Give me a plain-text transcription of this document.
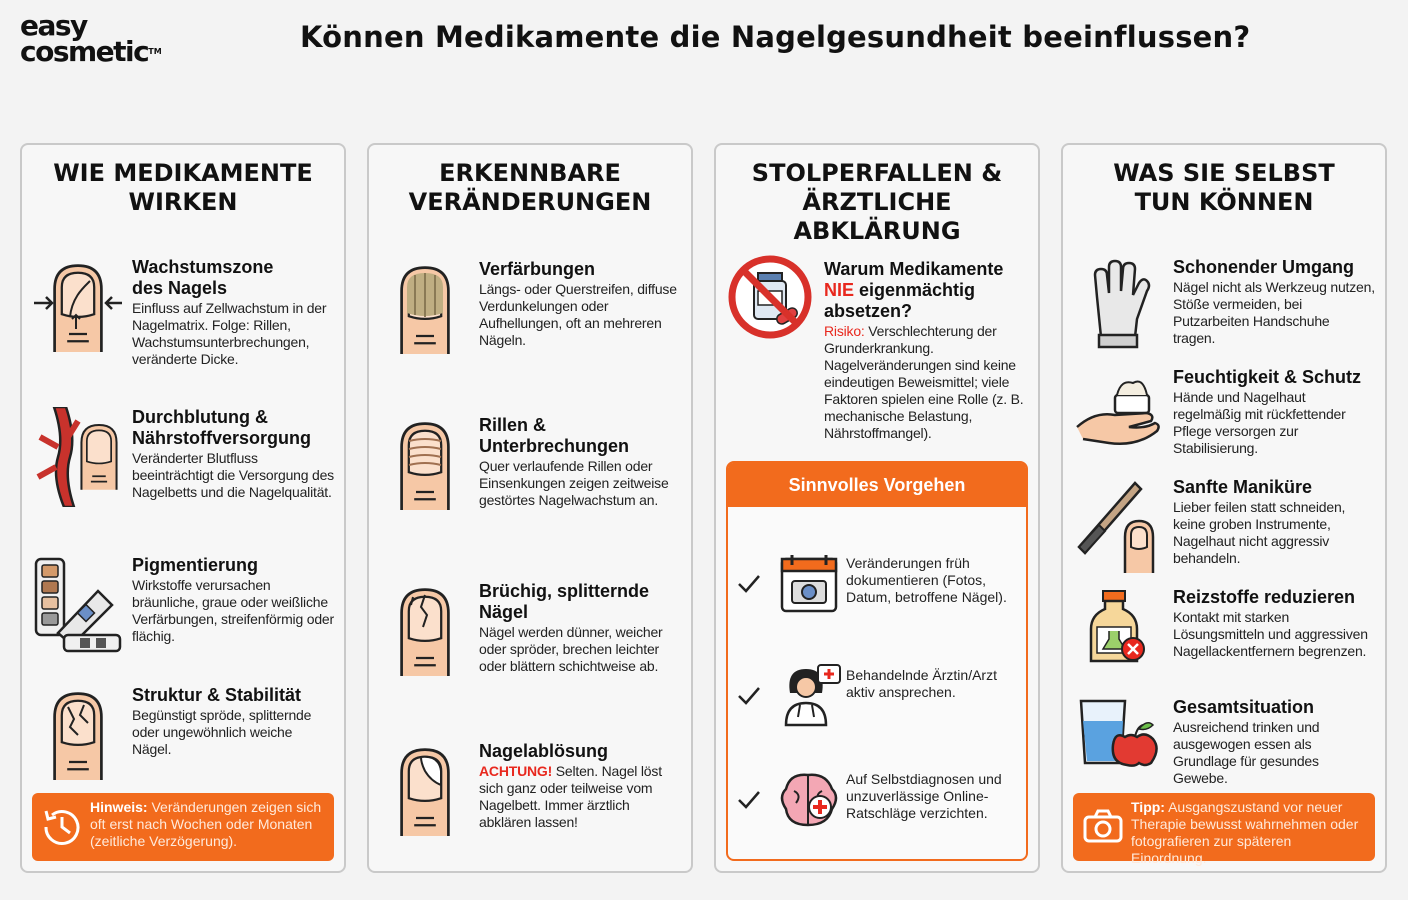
easy
cosmetic™	Können Medikamente die Nagelgesundheit beeinflussen?
WIE MEDIKAMENTE
WIRKEN
Wachstumszone des Nagels
Einfluss auf Zellwachstum in der Nagelmatrix. Folge: Rillen, Wachstumsunterbrechungen, veränderte Dicke.
Durchblutung & Nährstoffversorgung
Veränderter Blutfluss beeinträchtigt die Versorgung des Nagelbetts und die Nagelqualität.
Pigmentierung
Wirkstoffe verursachen bräunliche, graue oder weißliche Verfärbungen, streifenförmig oder flächig.
Struktur & Stabilität
Begünstigt spröde, splitternde oder ungewöhnlich weiche Nägel.
Hinweis: Veränderungen zeigen sich oft erst nach Wochen oder Monaten (zeitliche Verzögerung).
ERKENNBARE
VERÄNDERUNGEN
Verfärbungen
Längs- oder Querstreifen, diffuse Verdunkelungen oder Aufhellungen, oft an mehreren Nägeln.
Rillen & Unterbrechungen
Quer verlaufende Rillen oder Einsenkungen zeigen zeitweise gestörtes Nagelwachstum an.
Brüchig, splitternde Nägel
Nägel werden dünner, weicher oder spröder, brechen leichter oder blättern schichtweise ab.
Nagelablösung
ACHTUNG! Selten. Nagel löst sich ganz oder teilweise vom Nagelbett. Immer ärztlich abklären lassen!
STOLPERFALLEN &
ÄRZTLICHE ABKLÄRUNG
Warum Medikamente NIE eigenmächtig absetzen?
Risiko: Verschlechterung der Grunderkrankung.
Nagelveränderungen sind keine eindeutigen Beweismittel; viele Faktoren spielen eine Rolle (z. B. mechanische Belastung, Nährstoffmangel).
Sinnvolles Vorgehen
Veränderungen früh dokumentieren (Fotos, Datum, betroffene Nägel).
Behandelnde Ärztin/Arzt aktiv ansprechen.
Auf Selbstdiagnosen und unzuverlässige Online-Ratschläge verzichten.
WAS SIE SELBST
TUN KÖNNEN
Schonender Umgang
Nägel nicht als Werkzeug nutzen, Stöße vermeiden, bei Putzarbeiten Handschuhe tragen.
Feuchtigkeit & Schutz
Hände und Nagelhaut regelmäßig mit rückfettender Pflege versorgen zur Stabilisierung.
Sanfte Maniküre
Lieber feilen statt schneiden, keine groben Instrumente, Nagelhaut nicht aggressiv behandeln.
Reizstoffe reduzieren
Kontakt mit starken Lösungsmitteln und aggressiven Nagellackentfernern begrenzen.
Gesamtsituation
Ausreichend trinken und ausgewogen essen als Grundlage für gesundes Gewebe.
Tipp: Ausgangszustand vor neuer Therapie bewusst wahrnehmen oder fotografieren zur späteren Einordnung.
